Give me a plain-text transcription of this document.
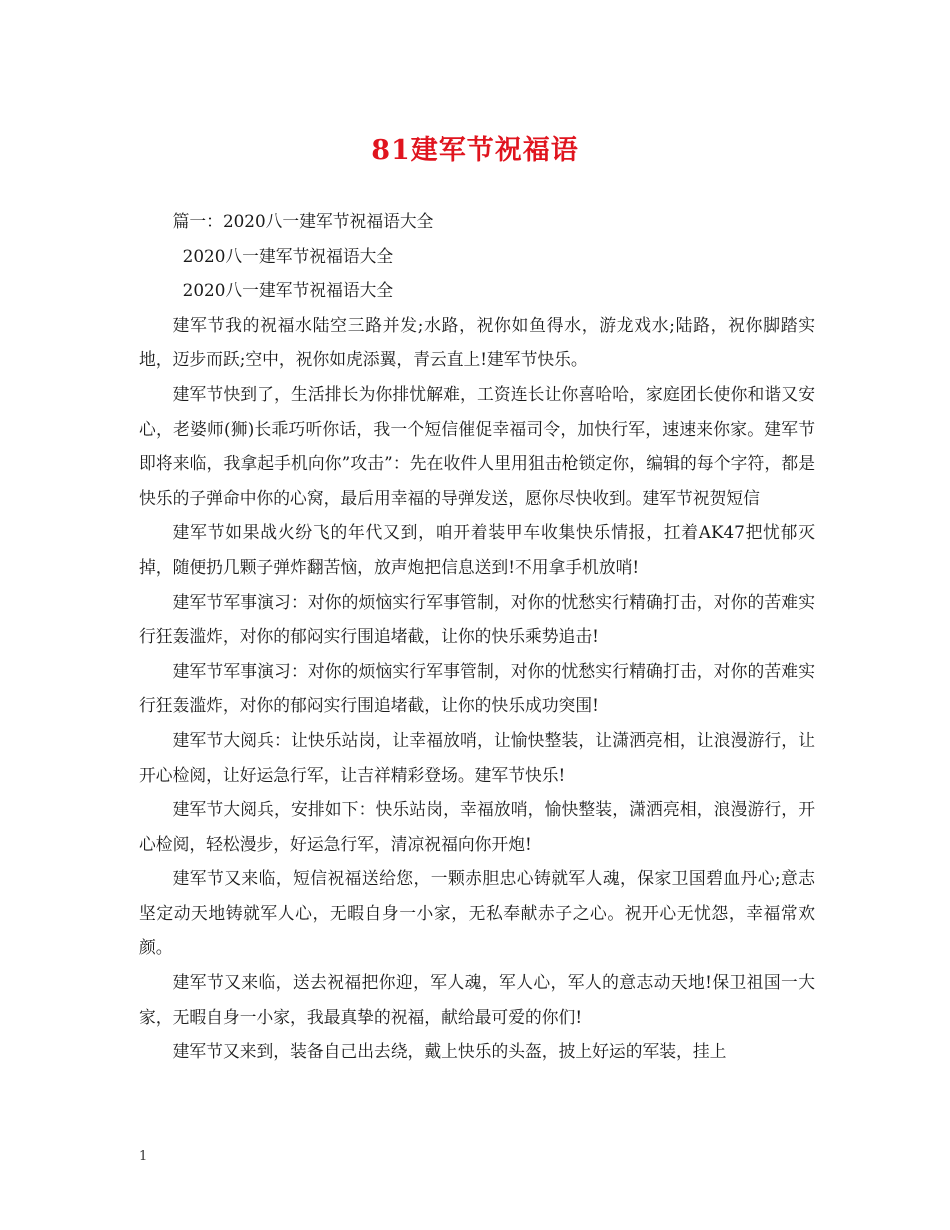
81建军节祝福语

篇一：2020八一建军节祝福语大全

2020八一建军节祝福语大全

2020八一建军节祝福语大全

建军节我的祝福水陆空三路并发;水路，祝你如鱼得水，游龙戏水;陆路，祝你脚踏实地，迈步而跃;空中，祝你如虎添翼，青云直上!建军节快乐。

建军节快到了，生活排长为你排忧解难，工资连长让你喜哈哈，家庭团长使你和谐又安心，老婆师(狮)长乖巧听你话，我一个短信催促幸福司令，加快行军，速速来你家。建军节即将来临，我拿起手机向你”攻击”：先在收件人里用狙击枪锁定你，编辑的每个字符，都是快乐的子弹命中你的心窝，最后用幸福的导弹发送，愿你尽快收到。建军节祝贺短信

建军节如果战火纷飞的年代又到，咱开着装甲车收集快乐情报，扛着AK47把忧郁灭掉，随便扔几颗子弹炸翻苦恼，放声炮把信息送到!不用拿手机放哨!

建军节军事演习：对你的烦恼实行军事管制，对你的忧愁实行精确打击，对你的苦难实行狂轰滥炸，对你的郁闷实行围追堵截，让你的快乐乘势追击!

建军节军事演习：对你的烦恼实行军事管制，对你的忧愁实行精确打击，对你的苦难实行狂轰滥炸，对你的郁闷实行围追堵截，让你的快乐成功突围!

建军节大阅兵：让快乐站岗，让幸福放哨，让愉快整装，让潇洒亮相，让浪漫游行，让开心检阅，让好运急行军，让吉祥精彩登场。建军节快乐!

建军节大阅兵，安排如下：快乐站岗，幸福放哨，愉快整装，潇洒亮相，浪漫游行，开心检阅，轻松漫步，好运急行军，清凉祝福向你开炮!

建军节又来临，短信祝福送给您，一颗赤胆忠心铸就军人魂，保家卫国碧血丹心;意志坚定动天地铸就军人心，无暇自身一小家，无私奉献赤子之心。祝开心无忧怨，幸福常欢颜。

建军节又来临，送去祝福把你迎，军人魂，军人心，军人的意志动天地!保卫祖国一大家，无暇自身一小家，我最真挚的祝福，献给最可爱的你们!

建军节又来到，装备自己出去绕，戴上快乐的头盔，披上好运的军装，挂上

1
